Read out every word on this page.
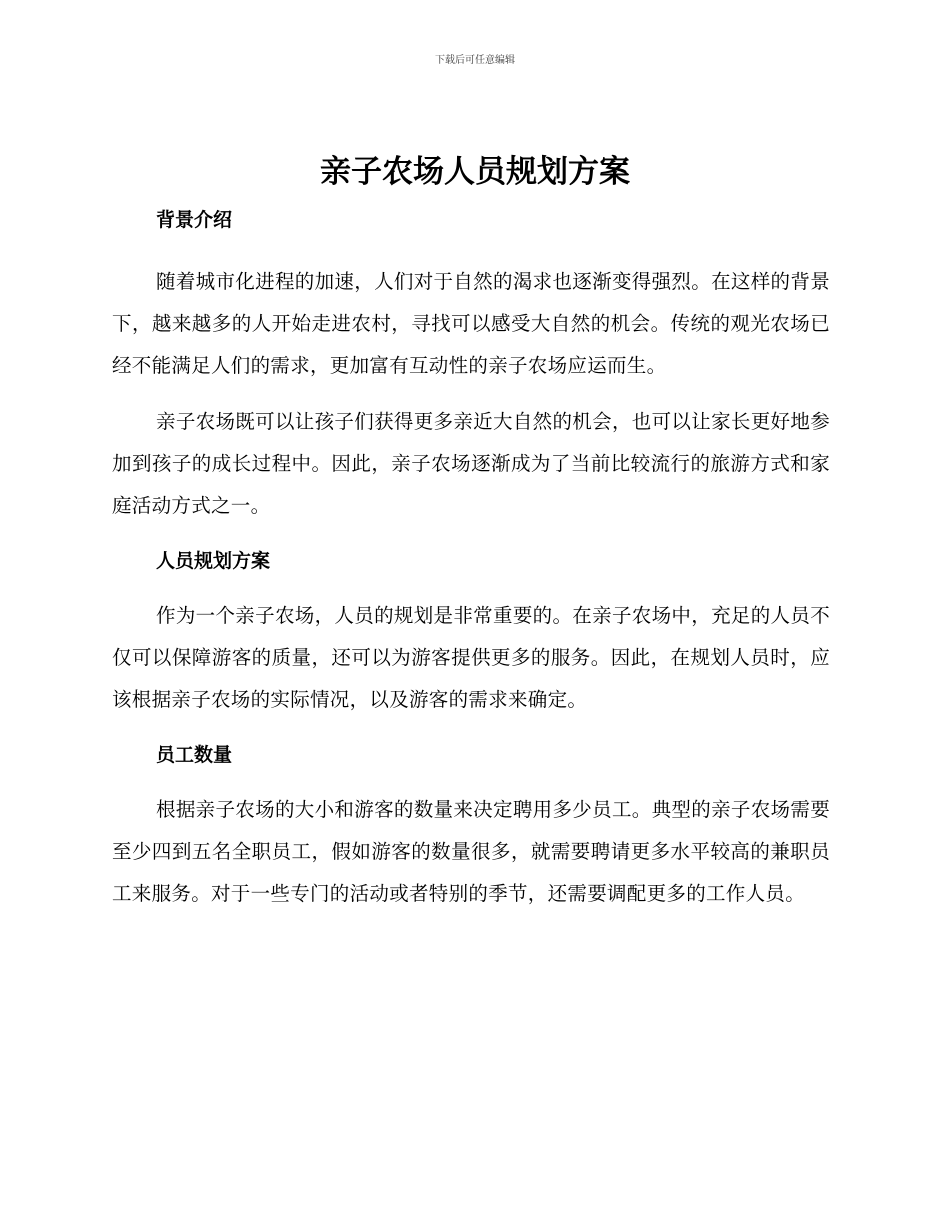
下载后可任意编辑
亲子农场人员规划方案
背景介绍

随着城市化进程的加速，人们对于自然的渴求也逐渐变得强烈。在这样的背景下，越来越多的人开始走进农村，寻找可以感受大自然的机会。传统的观光农场已经不能满足人们的需求，更加富有互动性的亲子农场应运而生。

亲子农场既可以让孩子们获得更多亲近大自然的机会，也可以让家长更好地参加到孩子的成长过程中。因此，亲子农场逐渐成为了当前比较流行的旅游方式和家庭活动方式之一。

人员规划方案

作为一个亲子农场，人员的规划是非常重要的。在亲子农场中，充足的人员不仅可以保障游客的质量，还可以为游客提供更多的服务。因此，在规划人员时，应该根据亲子农场的实际情况，以及游客的需求来确定。

员工数量

根据亲子农场的大小和游客的数量来决定聘用多少员工。典型的亲子农场需要至少四到五名全职员工，假如游客的数量很多，就需要聘请更多水平较高的兼职员工来服务。对于一些专门的活动或者特别的季节，还需要调配更多的工作人员。
